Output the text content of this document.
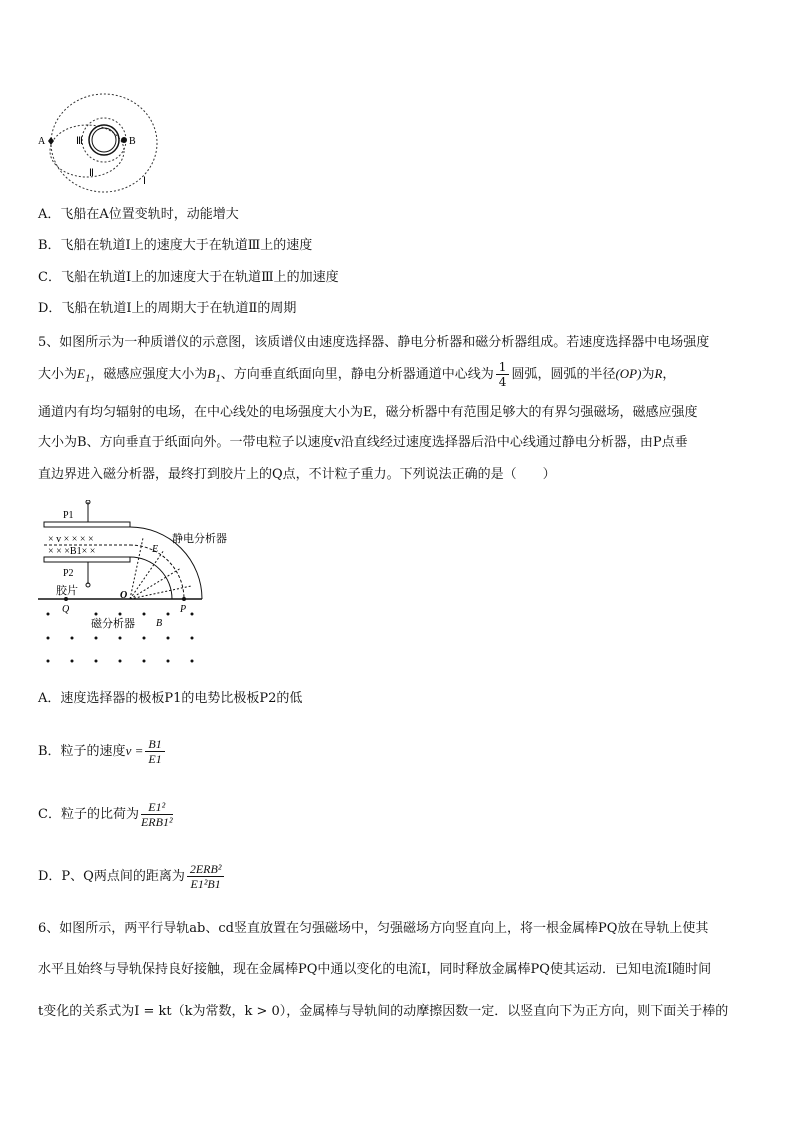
A	B
Ⅲ
Ⅱ
Ⅰ
A．飞船在A位置变轨时，动能增大
B．飞船在轨道Ⅰ上的速度大于在轨道Ⅲ上的速度
C．飞船在轨道Ⅰ上的加速度大于在轨道Ⅲ上的加速度
D．飞船在轨道Ⅰ上的周期大于在轨道Ⅱ的周期
5、如图所示为一种质谱仪的示意图，该质谱仪由速度选择器、静电分析器和磁分析器组成。若速度选择器中电场强度
大小为$E_1$，磁感应强度大小为$B_1$、方向垂直纸面向里，静电分析器通道中心线为 $\frac{1}{4}$ 圆弧，圆弧的半径(OP)为R，
通道内有均匀辐射的电场，在中心线处的电场强度大小为E，磁分析器中有范围足够大的有界匀强磁场，磁感应强度
大小为B、方向垂直于纸面向外。一带电粒子以速度v沿直线经过速度选择器后沿中心线通过静电分析器，由P点垂
直边界进入磁分析器，最终打到胶片上的Q点，不计粒子重力。下列说法正确的是（　　）
P1
P2
× v × × × ×
× × ×B1× ×	E
静电分析器
胶片	O
P
Q
B
磁分析器
A．速度选择器的极板P1的电势比极板P2的低
B．粒子的速度$v = \frac{B1}{E1}$
C．粒子的比荷为 $\frac{\text{E1²}}{\text{ERB1²}}$
D．P、Q两点间的距离为 $\frac{\text{2ERB²}}{\text{E1²B1}}$
6、如图所示，两平行导轨ab、cd竖直放置在匀强磁场中，匀强磁场方向竖直向上，将一根金属棒PQ放在导轨上使其
水平且始终与导轨保持良好接触，现在金属棒PQ中通以变化的电流I，同时释放金属棒PQ使其运动．已知电流I随时间
t变化的关系式为I = kt（k为常数，k > 0），金属棒与导轨间的动摩擦因数一定．以竖直向下为正方向，则下面关于棒的
